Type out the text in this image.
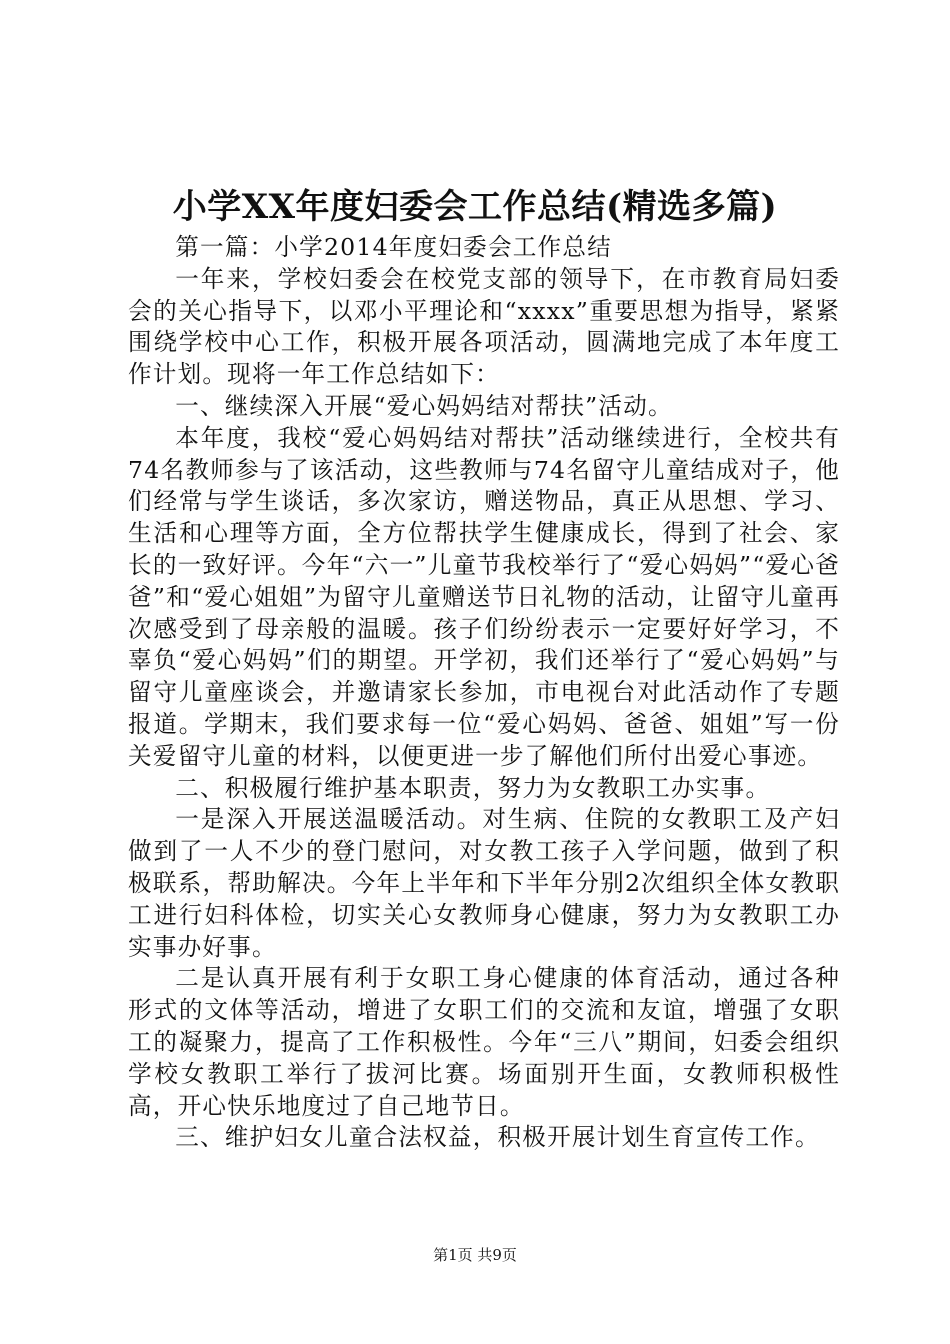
小学XX年度妇委会工作总结(精选多篇)

第一篇：小学2014年度妇委会工作总结

一年来，学校妇委会在校党支部的领导下，在市教育局妇委会的关心指导下，以邓小平理论和“xxxx”重要思想为指导，紧紧围绕学校中心工作，积极开展各项活动，圆满地完成了本年度工作计划。现将一年工作总结如下：

一、继续深入开展“爱心妈妈结对帮扶”活动。

本年度，我校“爱心妈妈结对帮扶”活动继续进行，全校共有74名教师参与了该活动，这些教师与74名留守儿童结成对子，他们经常与学生谈话，多次家访，赠送物品，真正从思想、学习、生活和心理等方面，全方位帮扶学生健康成长，得到了社会、家长的一致好评。今年“六一”儿童节我校举行了“爱心妈妈”“爱心爸爸”和“爱心姐姐”为留守儿童赠送节日礼物的活动，让留守儿童再次感受到了母亲般的温暖。孩子们纷纷表示一定要好好学习，不辜负“爱心妈妈”们的期望。开学初，我们还举行了“爱心妈妈”与留守儿童座谈会，并邀请家长参加，市电视台对此活动作了专题报道。学期末，我们要求每一位“爱心妈妈、爸爸、姐姐”写一份关爱留守儿童的材料，以便更进一步了解他们所付出爱心事迹。

二、积极履行维护基本职责，努力为女教职工办实事。

一是深入开展送温暖活动。对生病、住院的女教职工及产妇做到了一人不少的登门慰问，对女教工孩子入学问题，做到了积极联系，帮助解决。今年上半年和下半年分别2次组织全体女教职工进行妇科体检，切实关心女教师身心健康，努力为女教职工办实事办好事。

二是认真开展有利于女职工身心健康的体育活动，通过各种形式的文体等活动，增进了女职工们的交流和友谊，增强了女职工的凝聚力，提高了工作积极性。今年“三八”期间，妇委会组织学校女教职工举行了拔河比赛。场面别开生面，女教师积极性高，开心快乐地度过了自己地节日。

三、维护妇女儿童合法权益，积极开展计划生育宣传工作。

第1页 共9页
